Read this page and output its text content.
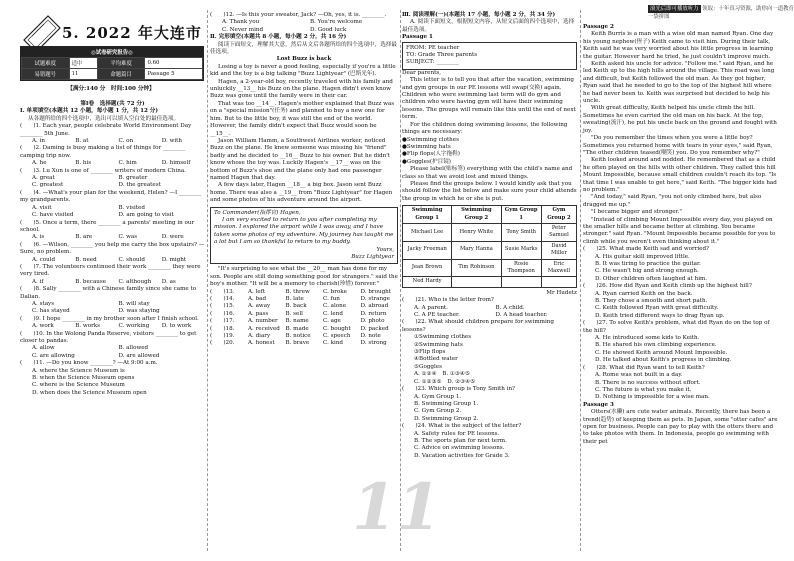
滚光后即可播放听力 领取：十年真习资源，助你向一道教育一袋拼图
5. 2022 年大连市
◎试卷研究报告◎
试题难度	适中	平均难度	0.60
易错题号	11	命题篇目	Passage 5

【满分:140 分　时间:100 分钟】

第Ⅰ卷　选择题(共 72 分)

Ⅰ. 单项填空(本题共 12 小题，每小题 1 分，共 12 分)

从各题所给的四个选项中，选出可以填入空白处的最佳选项。

(　　)1. Each year, people celebrate World Environment Day ________ 5th June.

A. in	B. at	C. on	D. with

(　　)2. Daming is busy making a list of things for ________ camping trip now.

A. he	B. his	C. him	D. himself

(　　)3. Lu Xun is one of ________ writers of modern China.

A. great	B. greater
C. greatest	D. the greatest

(　　)4. —What's your plan for the weekend, Helen? —I ________ my grandparents.

A. visit	B. visited
C. have visited	D. am going to visit

(　　)5. Once a term, there ________ a parents' meeting in our school.

A. is	B. are	C. was	D. were

(　　)6. —Wilson, ________ you help me carry the box upstairs? —Sure, no problem.

A. could	B. need	C. should	D. might

(　　)7. The volunteers continued their work ________ they were very tired.

A. if	B. because	C. although	D. as

(　　)8. Sally ________ with a Chinese family since she came to Dalian.

A. stays	B. will stay
C. has stayed	D. was staying

(　　)9. I hope ________ in my brother soon after I finish school.

A. work	B. works	C. working	D. to work

(　　)10. In the Wolong Panda Reserve, visitors ________ to get closer to pandas.

A. allow	B. allowed
C. are allowing	D. are allowed

(　　)11. —Do you know ________? —At 9:00 a.m.

A. where the Science Museum is
B. when the Science Museum opens
C. where is the Science Museum
D. when does the Science Museum open

(　　)12. —Is this your sweater, Jack? —Oh, yes, it is. ________.

A. Thank you	B. You're welcome
C. Never mind	D. Good luck

Ⅱ. 完形填空(本题共 8 小题，每小题 2 分，共 16 分)

阅读下面短文，理解其大意，然后从文后各题所给的四个选项中，选择最佳选项。

Lost Buzz is back

Losing a toy is never a good feeling, especially if you're a little kid and the toy is a big talking "Buzz Lightyear" (巴斯光年).

Hagen, a 2-year-old boy, recently traveled with his family and unluckily __13__ his Buzz on the plane. Hagen didn't even know Buzz was gone until the family were in their car.

That was too __14__. Hagen's mother explained that Buzz was on a "special mission"(任务) and planned to buy a new one for him. But to the little boy, it was still the end of the world. However, the family didn't expect that Buzz would soon be __15__.

Jason William Hamm, a Southwest Airlines worker, noticed Buzz on the plane. He knew someone was missing his "friend" badly and he decided to __16__ Buzz to his owner. But he didn't know whose the toy was. Luckily Hagen's __17__ was on the bottom of Buzz's shoe and the plane only had one passenger named Hagen that day.

A few days later, Hagen __18__ a big box. Jason sent Buzz home. There was also a __19__ from "Buzz Lightyear" for Hagen and some photos of his adventure around the airport.

To Commander(指挥官) Hagen,

I am very excited to return to you after completing my mission. I explored the airport while I was away, and I have taken some photos of my adventure. My journey has taught me a lot but I am so thankful to return to my buddy.

Yours,

Buzz Lightyear

"It's surprising to see what the __20__ man has done for my son. People are still doing something good for strangers." said the boy's mother. "It will be a memory to cherish(珍惜) forever."

(　　)13.	A. left	B. threw	C. broke	D. brought
(　　)14.	A. bad	B. late	C. fun	D. strange
(　　)15.	A. away	B. back	C. alone	D. abroad
(　　)16.	A. pass	B. sell	C. lend	D. return
(　　)17.	A. number	B. name	C. age	D. photo
(　　)18.	A. received	B. made	C. bought	D. packed
(　　)19.	A. diary	B. notice	C. speech	D. note
(　　)20.	A. honest	B. brave	C. kind	D. strong

Ⅲ. 阅读理解(一)(本题共 17 小题，每小题 2 分，共 34 分)

A. 阅读下面短文，根据短文内容，从短文后面的四个选项中，选择最佳选项。

Passage 1

FROM: PE teacher

TO: Grade Three parents

SUBJECT: ________

Dear parents,

This letter is to tell you that after the vacation, swimming and gym groups in our PE lessons will swap(交换) again. Children who were swimming last term will do gym and children who were having gym will have their swimming lessons. The groups will remain like this until the end of next term.

For the children doing swimming lessons, the following things are necessary:

●Swimming clothes
●Swimming hats
●Flip flops(人字拖鞋)
●Goggles(护目镜)

Please label(贴标签) everything with the child's name and class so that we avoid lost and mixed things.

Please find the groups below. I would kindly ask that you should follow the list below and make sure your child attends the group in which he or she is put.

Swimming Group 1	Swimming Group 2	Gym Group 1	Gym Group 2
Michael Lee	Henry White	Tony Smith	Peter Samuel
Jacky Freeman	Mary Hanna	Susie Marks	David Miller
Jean Brown	Tim Robinson	Rosie Thompson	Eric Maxwell
Ned Hardy			

Mr Hudetz

(　　)21. Who is the letter from?

A. A parent.	B. A child.
C. A PE teacher.	D. A head teacher.

(　　)22. What should children prepare for swimming lessons?

①Swimming clothes
②Swimming hats
③Flip flops
④Bottled water
⑤Goggles
A. ①②④　B. ①③④⑤
C. ①②③⑤　D. ②③④⑤

(　　)23. Which group is Tony Smith in?

A. Gym Group 1.
B. Swimming Group 1.
C. Gym Group 2.
D. Swimming Group 2.

(　　)24. What is the subject of the letter?

A. Safety rules for PE lessons.
B. The sports plan for next term.
C. Advice on swimming lessons.
D. Vacation activities for Grade 3.

Passage 2

Keith Burris is a man with a wise old man named Ryan. One day his young nephew(侄子) Keith came to visit him. During their talk, Keith said he was very worried about his little progress in learning the guitar. However hard he tried, he just couldn't improve much.

Keith asked his uncle for advice. "Follow me." said Ryan, and he led Keith up to the high hills around the village. This road was long and difficult, but Keith followed the old man. As they got higher, Ryan said that he needed to go to the top of the highest hill where he had never been to. Keith was surprised but decided to help his uncle.

With great difficulty, Keith helped his uncle climb the hill. Sometimes he even carried the old man on his back. At the top, sweating(流汗), he put his uncle back on the ground and fought with joy.

"Do you remember the times when you were a little boy? Sometimes you returned home with tears in your eyes," said Ryan, "The other children teased(嘲笑) you. Do you remember why?"

Keith looked around and nodded. He remembered that as a child he often played on the hills with other children. They called this hill Mount Impossible, because small children couldn't reach its top. "Is that time I was unable to get here," said Keith. "The bigger kids had no problem."

"And today," said Ryan, "you not only climbed here, but also dragged me up."

"I became bigger and stronger."

"Instead of climbing Mount Impossible every day, you played on the smaller hills and became better at climbing. You became stronger." said Ryan. "Mount Impossible became possible for you to climb while you weren't even thinking about it."

(　　)25. What made Keith sad and worried?

A. His guitar skill improved little.
B. It was tiring to practice the guitar.
C. He wasn't big and strong enough.
D. Other children often laughed at him.

(　　)26. How did Ryan and Keith climb up the highest hill?

A. Ryan carried Keith on the back.
B. They chose a smooth and short path.
C. Keith followed Ryan with great difficulty.
D. Keith tried different ways to drag Ryan up.

(　　)27. To solve Keith's problem, what did Ryan do on the top of the hill?

A. He introduced some kids to Keith.
B. He shared his own climbing experience.
C. He showed Keith around Mount Impossible.
D. He talked about Keith's progress in climbing.

(　　)28. What did Ryan want to tell Keith?

A. Rome was not built in a day.
B. There is no success without effort.
C. The future is what you make it.
D. Nothing is impossible for a wise man.

Passage 3

Otters(水獭) are cute water animals. Recently, there has been a trend(趋势) of keeping them as pets. In Japan, some "otter cafes" are open for business. People can pay to play with the otters there and to take photos with them. In Indonesia, people go swimming with their pet

11
